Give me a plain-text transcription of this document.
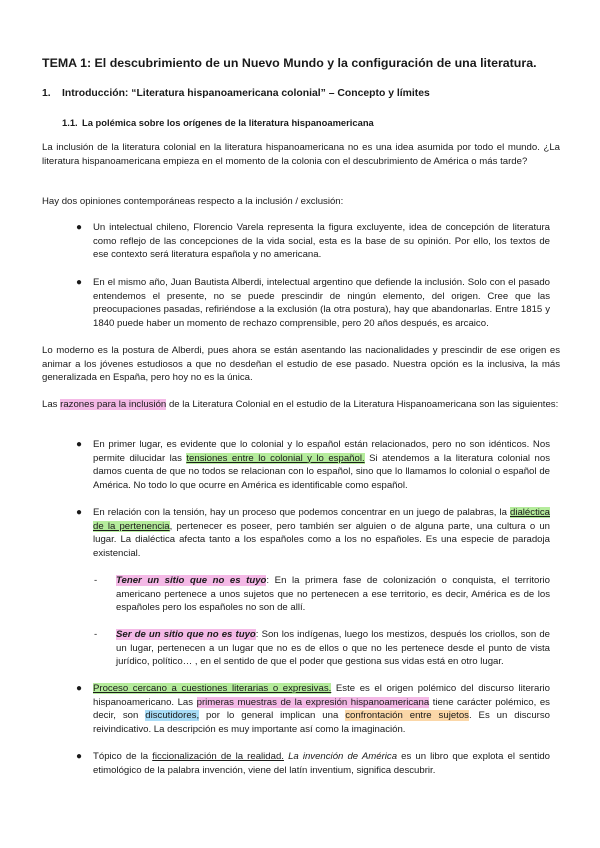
TEMA 1: El descubrimiento de un Nuevo Mundo y la configuración de una literatura.
1. Introducción: “Literatura hispanoamericana colonial” – Concepto y límites
1.1. La polémica sobre los orígenes de la literatura hispanoamericana

La inclusión de la literatura colonial en la literatura hispanoamericana no es una idea asumida por todo el mundo. ¿La literatura hispanoamericana empieza en el momento de la colonia con el descubrimiento de América o más tarde?

Hay dos opiniones contemporáneas respecto a la inclusión / exclusión:

● Un intelectual chileno, Florencio Varela representa la figura excluyente, idea de concepción de literatura como reflejo de las concepciones de la vida social, esta es la base de su opinión. Por ello, los textos de ese contexto será literatura española y no americana.

● En el mismo año, Juan Bautista Alberdi, intelectual argentino que defiende la inclusión. Solo con el pasado entendemos el presente, no se puede prescindir de ningún elemento, del origen. Cree que las preocupaciones pasadas, refiriéndose a la exclusión (la otra postura), hay que abandonarlas. Entre 1815 y 1840 puede haber un momento de rechazo comprensible, pero 20 años después, es arcaico.

Lo moderno es la postura de Alberdi, pues ahora se están asentando las nacionalidades y prescindir de ese origen es animar a los jóvenes estudiosos a que no desdeñan el estudio de ese pasado. Nuestra opción es la inclusiva, la más generalizada en España, pero hoy no es la única.

Las razones para la inclusión de la Literatura Colonial en el estudio de la Literatura Hispanoamericana son las siguientes:

● En primer lugar, es evidente que lo colonial y lo español están relacionados, pero no son idénticos. Nos permite dilucidar las tensiones entre lo colonial y lo español. Si atendemos a la literatura colonial nos damos cuenta de que no todos se relacionan con lo español, sino que lo llamamos lo colonial o español de América. No todo lo que ocurre en América es identificable como español.

● En relación con la tensión, hay un proceso que podemos concentrar en un juego de palabras, la dialéctica de la pertenencia, pertenecer es poseer, pero también ser alguien o de alguna parte, una cultura o un lugar. La dialéctica afecta tanto a los españoles como a los no españoles. Es una especie de paradoja existencial.

- Tener un sitio que no es tuyo: En la primera fase de colonización o conquista, el territorio americano pertenece a unos sujetos que no pertenecen a ese territorio, es decir, América es de los españoles pero los españoles no son de allí.

- Ser de un sitio que no es tuyo: Son los indígenas, luego los mestizos, después los criollos, son de un lugar, pertenecen a un lugar que no es de ellos o que no les pertenece desde el punto de vista jurídico, político… , en el sentido de que el poder que gestiona sus vidas está en otro lugar.

● Proceso cercano a cuestiones literarias o expresivas. Este es el origen polémico del discurso literario hispanoamericano. Las primeras muestras de la expresión hispanoamericana tiene carácter polémico, es decir, son discutidores, por lo general implican una confrontación entre sujetos. Es un discurso reivindicativo. La descripción es muy importante así como la imaginación.

● Tópico de la ficcionalización de la realidad. La invención de América es un libro que explota el sentido etimológico de la palabra invención, viene del latín inventium, significa descubrir.
